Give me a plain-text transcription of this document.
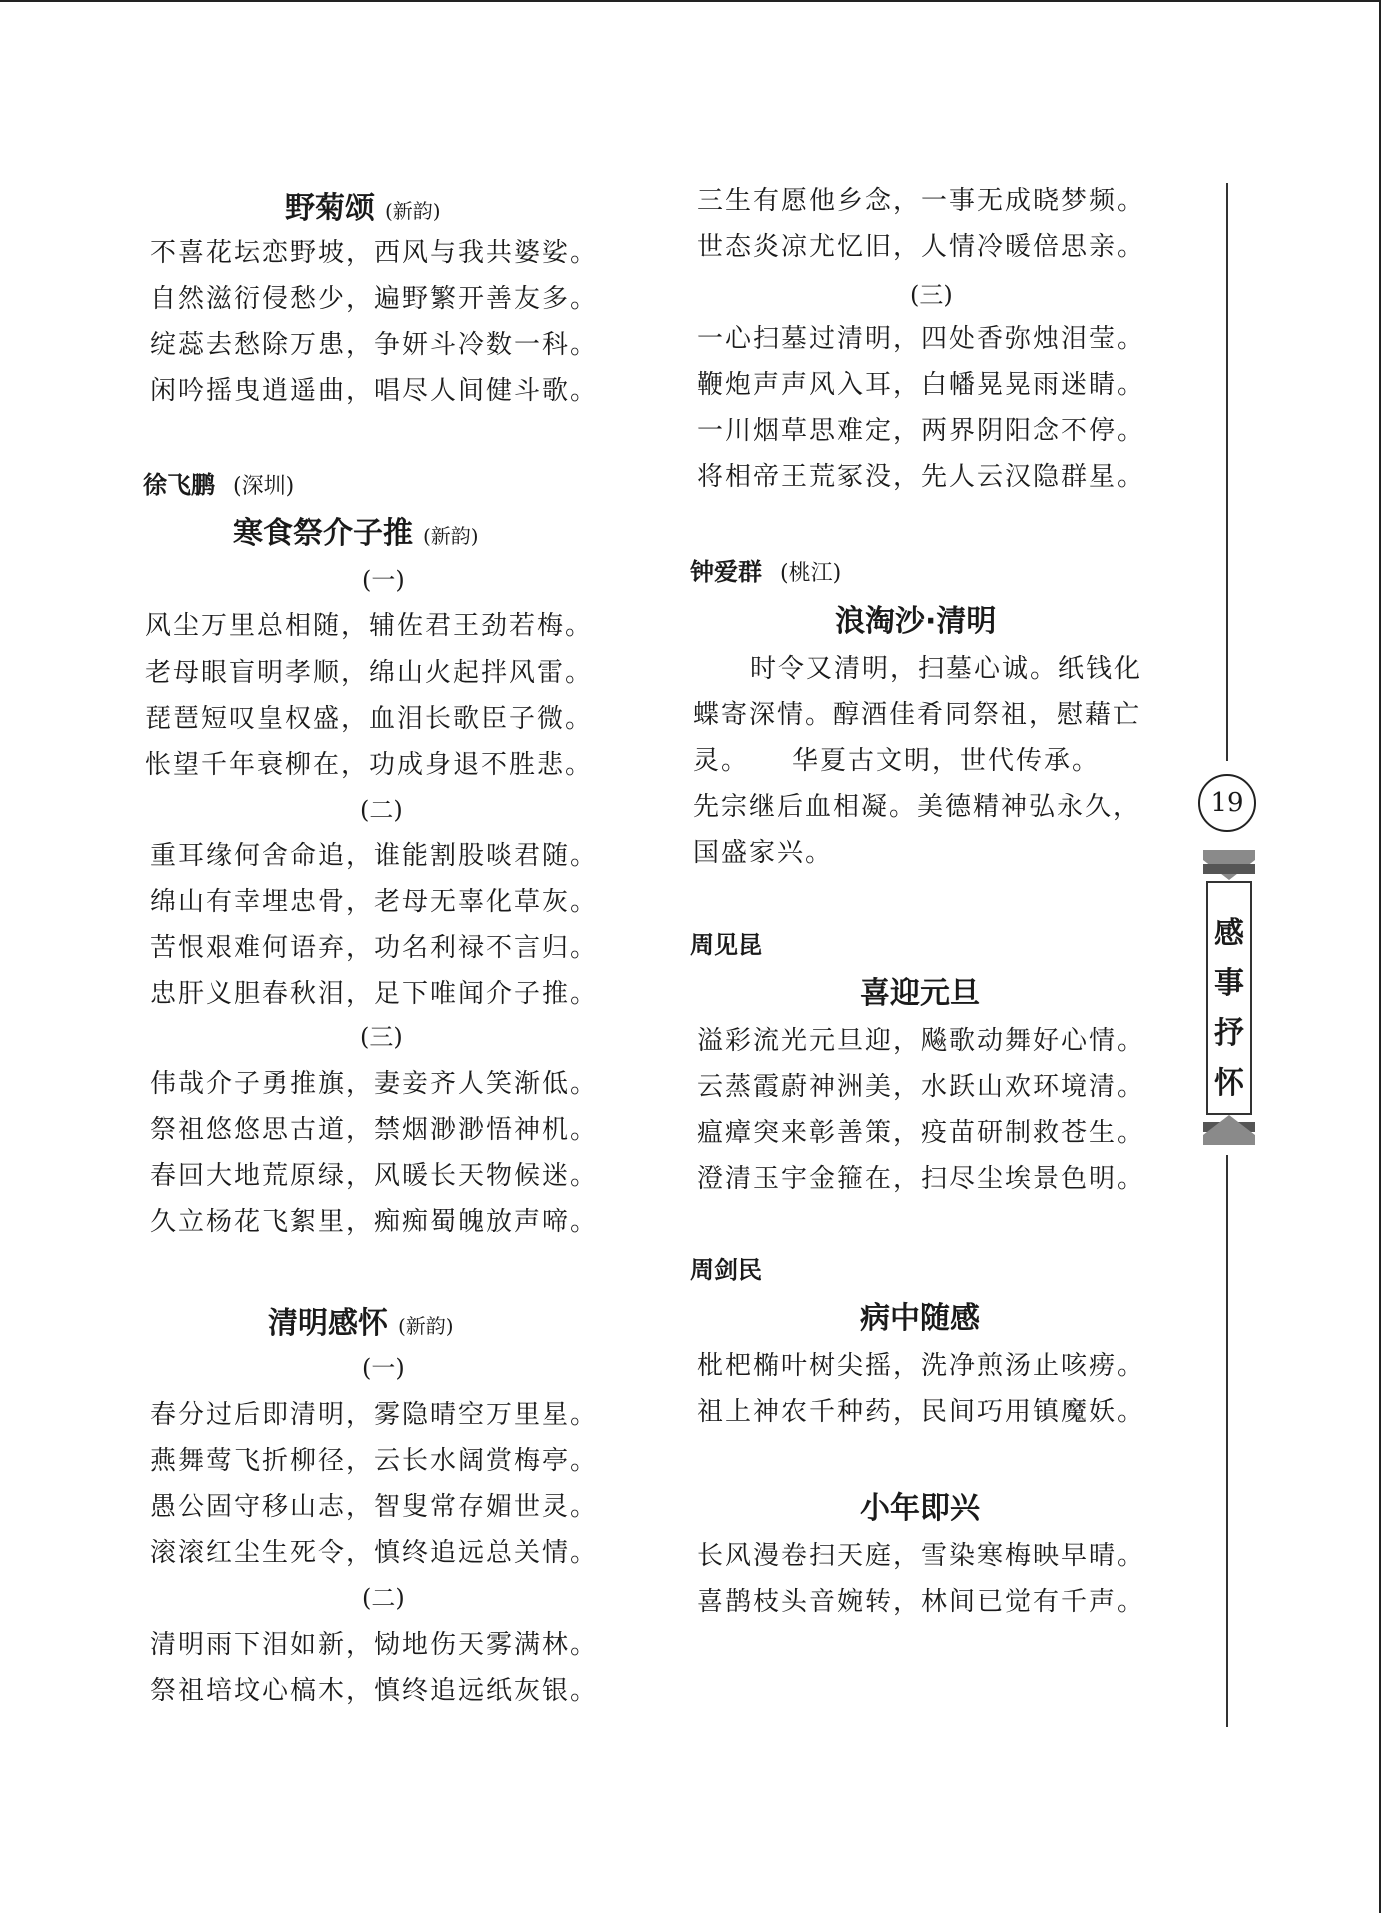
野菊颂 (新韵)
不喜花坛恋野坡，西风与我共婆娑。
自然滋衍侵愁少，遍野繁开善友多。
绽蕊去愁除万患，争妍斗冷数一科。
闲吟摇曳逍遥曲，唱尽人间健斗歌。
徐飞鹏 (深圳)
寒食祭介子推 (新韵)
(一)
风尘万里总相随，辅佐君王劲若梅。
老母眼盲明孝顺，绵山火起拌风雷。
琵琶短叹皇权盛，血泪长歌臣子微。
怅望千年衰柳在，功成身退不胜悲。
(二)
重耳缘何舍命追，谁能割股啖君随。
绵山有幸埋忠骨，老母无辜化草灰。
苦恨艰难何语弃，功名利禄不言归。
忠肝义胆春秋泪，足下唯闻介子推。
(三)
伟哉介子勇推旗，妻妾齐人笑渐低。
祭祖悠悠思古道，禁烟渺渺悟神机。
春回大地荒原绿，风暖长天物候迷。
久立杨花飞絮里，痴痴蜀魄放声啼。
清明感怀 (新韵)
(一)
春分过后即清明，雾隐晴空万里星。
燕舞莺飞折柳径，云长水阔赏梅亭。
愚公固守移山志，智叟常存媚世灵。
滚滚红尘生死令，慎终追远总关情。
(二)
清明雨下泪如新，恸地伤天雾满林。
祭祖培坟心槁木，慎终追远纸灰银。
三生有愿他乡念，一事无成晓梦频。
世态炎凉尤忆旧，人情冷暖倍思亲。
(三)
一心扫墓过清明，四处香弥烛泪莹。
鞭炮声声风入耳，白幡晃晃雨迷睛。
一川烟草思难定，两界阴阳念不停。
将相帝王荒冢没，先人云汉隐群星。
钟爱群 (桃江)
浪淘沙·清明
时令又清明，扫墓心诚。纸钱化
蝶寄深情。醇酒佳肴同祭祖，慰藉亡
灵。　　华夏古文明，世代传承。
先宗继后血相凝。美德精神弘永久，
国盛家兴。
周见昆
喜迎元旦
溢彩流光元旦迎，飚歌动舞好心情。
云蒸霞蔚神洲美，水跃山欢环境清。
瘟瘴突来彰善策，疫苗研制救苍生。
澄清玉宇金箍在，扫尽尘埃景色明。
周剑民
病中随感
枇杷椭叶树尖摇，洗净煎汤止咳痨。
祖上神农千种药，民间巧用镇魔妖。
小年即兴
长风漫卷扫天庭，雪染寒梅映早晴。
喜鹊枝头音婉转，林间已觉有千声。
19
感
事
抒
怀
